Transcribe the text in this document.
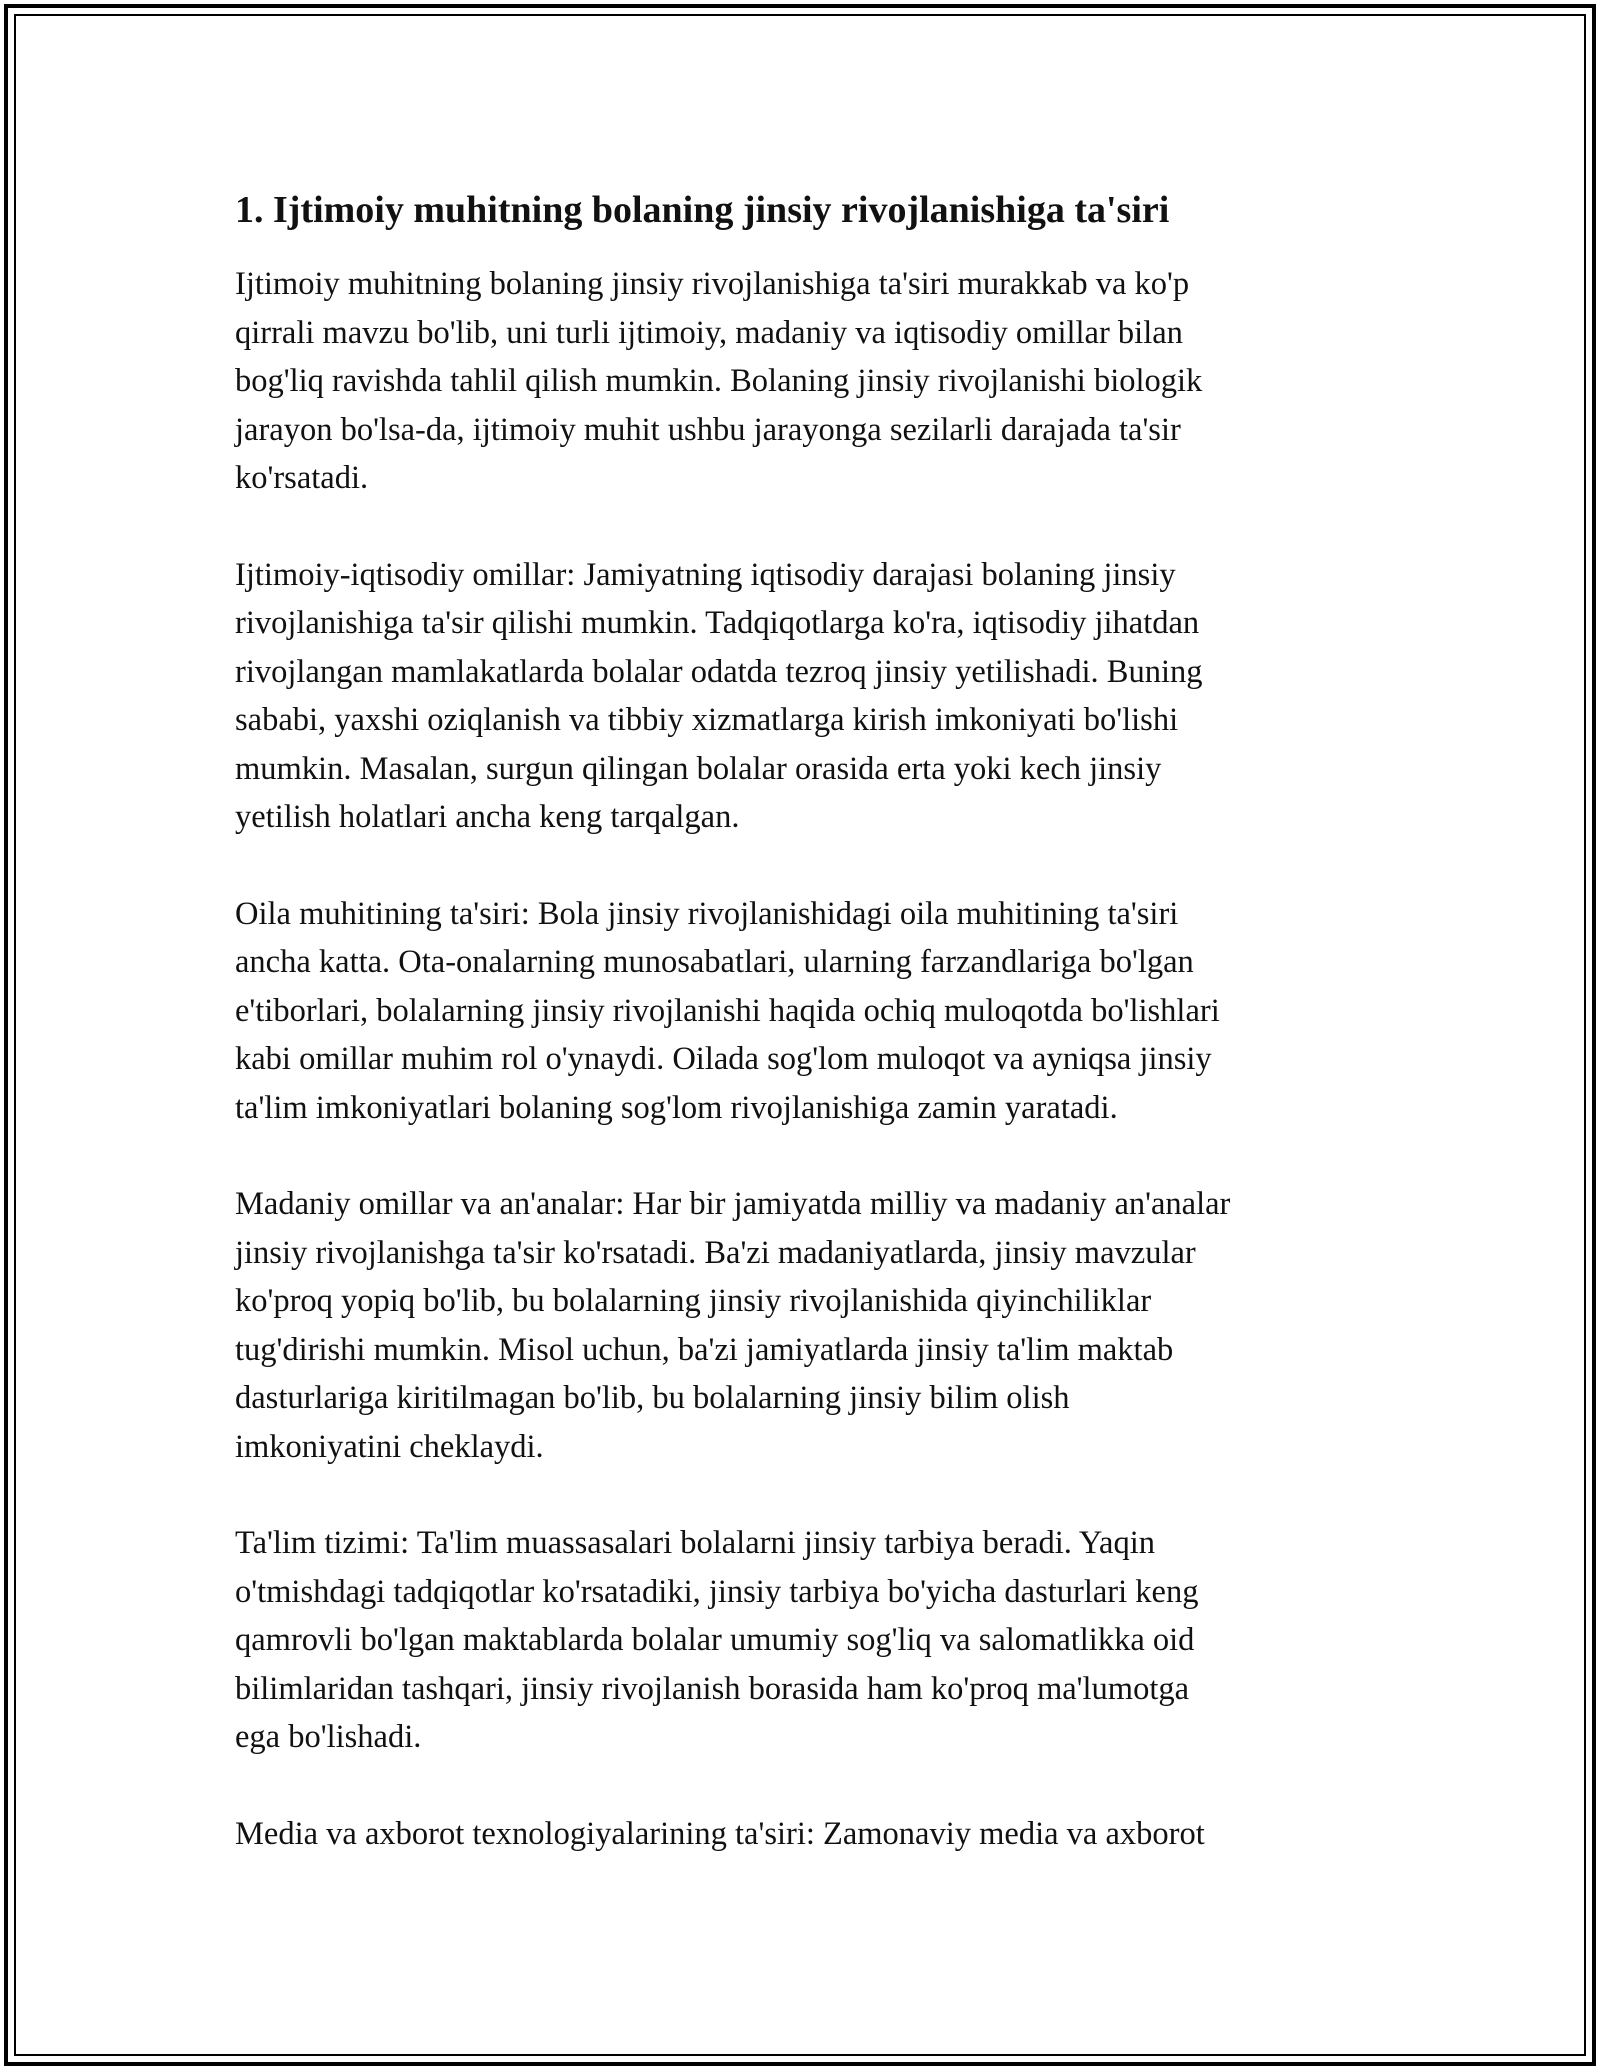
1. Ijtimoiy muhitning bolaning jinsiy rivojlanishiga ta'siri

Ijtimoiy muhitning bolaning jinsiy rivojlanishiga ta'siri murakkab va ko'p
qirrali mavzu bo'lib, uni turli ijtimoiy, madaniy va iqtisodiy omillar bilan
bog'liq ravishda tahlil qilish mumkin. Bolaning jinsiy rivojlanishi biologik
jarayon bo'lsa-da, ijtimoiy muhit ushbu jarayonga sezilarli darajada ta'sir
ko'rsatadi.

Ijtimoiy-iqtisodiy omillar: Jamiyatning iqtisodiy darajasi bolaning jinsiy
rivojlanishiga ta'sir qilishi mumkin. Tadqiqotlarga ko'ra, iqtisodiy jihatdan
rivojlangan mamlakatlarda bolalar odatda tezroq jinsiy yetilishadi. Buning
sababi, yaxshi oziqlanish va tibbiy xizmatlarga kirish imkoniyati bo'lishi
mumkin. Masalan, surgun qilingan bolalar orasida erta yoki kech jinsiy
yetilish holatlari ancha keng tarqalgan.

Oila muhitining ta'siri: Bola jinsiy rivojlanishidagi oila muhitining ta'siri
ancha katta. Ota-onalarning munosabatlari, ularning farzandlariga bo'lgan
e'tiborlari, bolalarning jinsiy rivojlanishi haqida ochiq muloqotda bo'lishlari
kabi omillar muhim rol o'ynaydi. Oilada sog'lom muloqot va ayniqsa jinsiy
ta'lim imkoniyatlari bolaning sog'lom rivojlanishiga zamin yaratadi.

Madaniy omillar va an'analar: Har bir jamiyatda milliy va madaniy an'analar
jinsiy rivojlanishga ta'sir ko'rsatadi. Ba'zi madaniyatlarda, jinsiy mavzular
ko'proq yopiq bo'lib, bu bolalarning jinsiy rivojlanishida qiyinchiliklar
tug'dirishi mumkin. Misol uchun, ba'zi jamiyatlarda jinsiy ta'lim maktab
dasturlariga kiritilmagan bo'lib, bu bolalarning jinsiy bilim olish
imkoniyatini cheklaydi.

Ta'lim tizimi: Ta'lim muassasalari bolalarni jinsiy tarbiya beradi. Yaqin
o'tmishdagi tadqiqotlar ko'rsatadiki, jinsiy tarbiya bo'yicha dasturlari keng
qamrovli bo'lgan maktablarda bolalar umumiy sog'liq va salomatlikka oid
bilimlaridan tashqari, jinsiy rivojlanish borasida ham ko'proq ma'lumotga
ega bo'lishadi.

Media va axborot texnologiyalarining ta'siri: Zamonaviy media va axborot
